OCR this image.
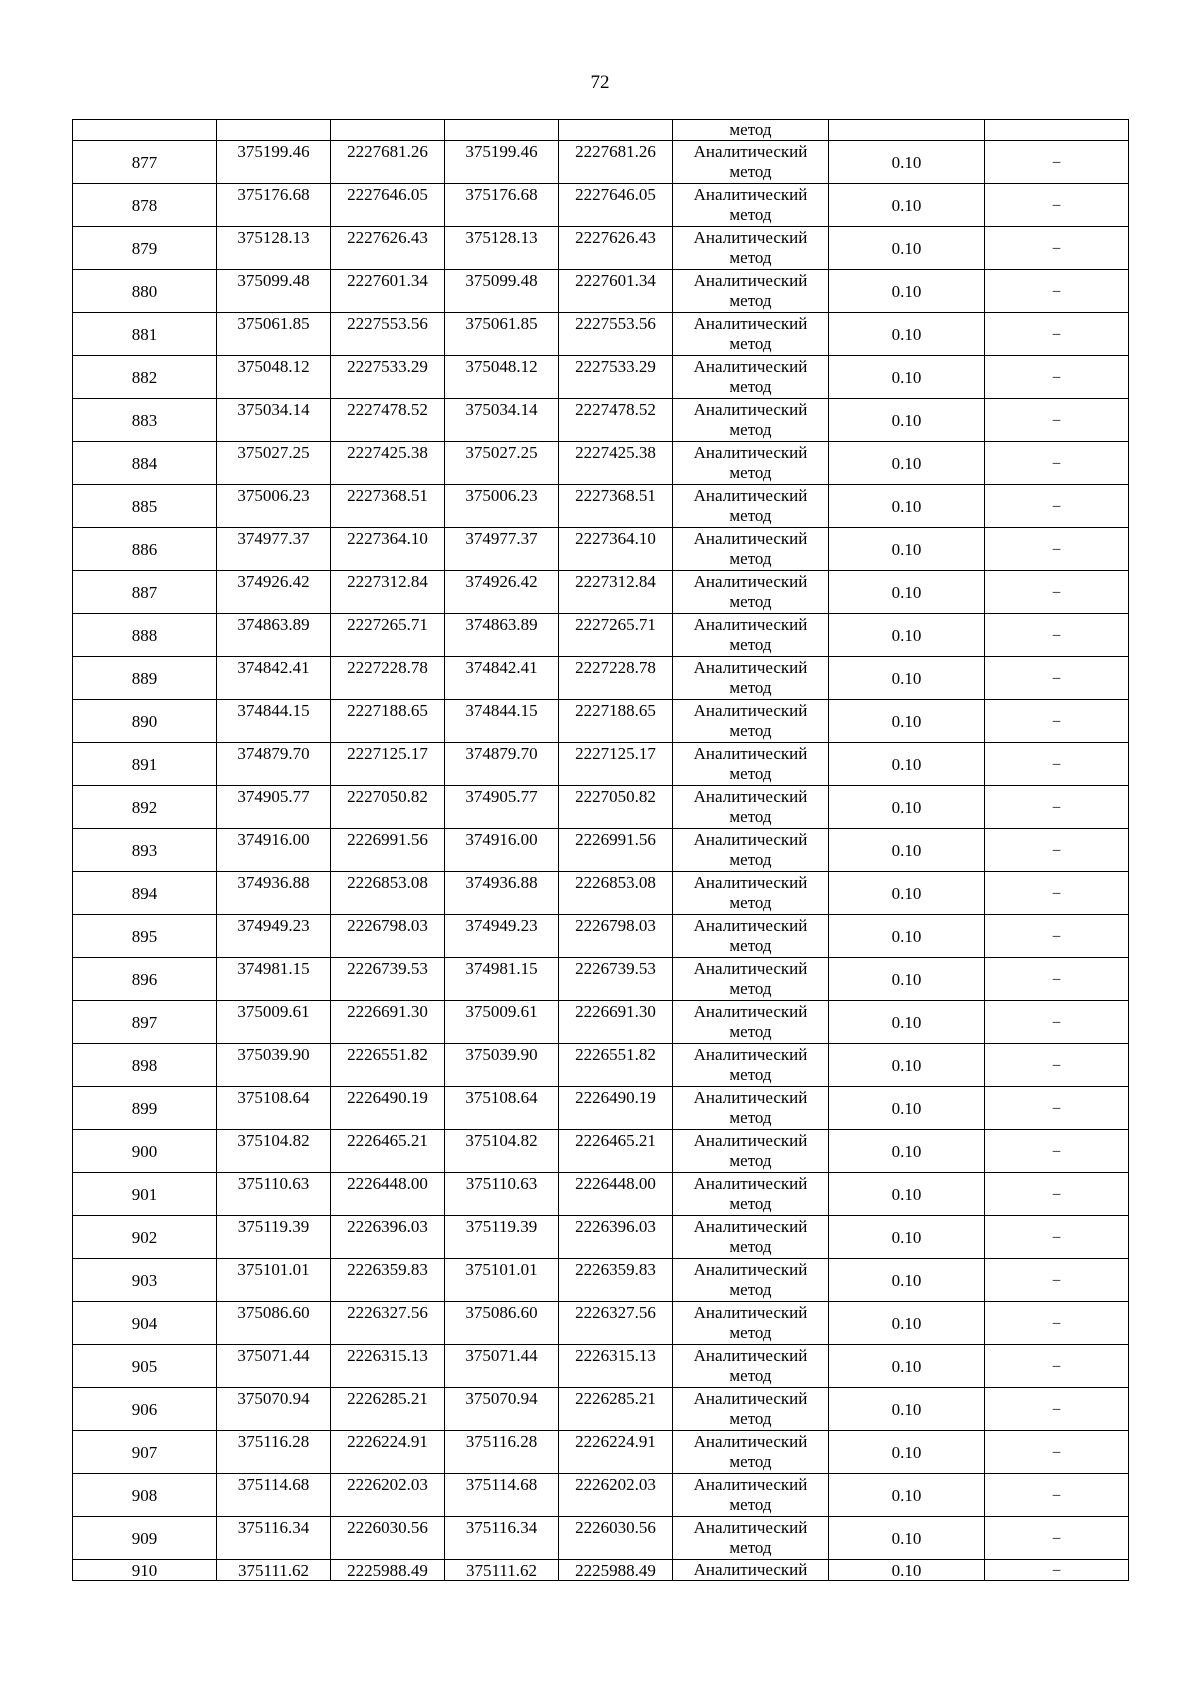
72
					метод		
877	375199.46	2227681.26	375199.46	2227681.26	Аналитический
метод	0.10	–
878	375176.68	2227646.05	375176.68	2227646.05	Аналитический
метод	0.10	–
879	375128.13	2227626.43	375128.13	2227626.43	Аналитический
метод	0.10	–
880	375099.48	2227601.34	375099.48	2227601.34	Аналитический
метод	0.10	–
881	375061.85	2227553.56	375061.85	2227553.56	Аналитический
метод	0.10	–
882	375048.12	2227533.29	375048.12	2227533.29	Аналитический
метод	0.10	–
883	375034.14	2227478.52	375034.14	2227478.52	Аналитический
метод	0.10	–
884	375027.25	2227425.38	375027.25	2227425.38	Аналитический
метод	0.10	–
885	375006.23	2227368.51	375006.23	2227368.51	Аналитический
метод	0.10	–
886	374977.37	2227364.10	374977.37	2227364.10	Аналитический
метод	0.10	–
887	374926.42	2227312.84	374926.42	2227312.84	Аналитический
метод	0.10	–
888	374863.89	2227265.71	374863.89	2227265.71	Аналитический
метод	0.10	–
889	374842.41	2227228.78	374842.41	2227228.78	Аналитический
метод	0.10	–
890	374844.15	2227188.65	374844.15	2227188.65	Аналитический
метод	0.10	–
891	374879.70	2227125.17	374879.70	2227125.17	Аналитический
метод	0.10	–
892	374905.77	2227050.82	374905.77	2227050.82	Аналитический
метод	0.10	–
893	374916.00	2226991.56	374916.00	2226991.56	Аналитический
метод	0.10	–
894	374936.88	2226853.08	374936.88	2226853.08	Аналитический
метод	0.10	–
895	374949.23	2226798.03	374949.23	2226798.03	Аналитический
метод	0.10	–
896	374981.15	2226739.53	374981.15	2226739.53	Аналитический
метод	0.10	–
897	375009.61	2226691.30	375009.61	2226691.30	Аналитический
метод	0.10	–
898	375039.90	2226551.82	375039.90	2226551.82	Аналитический
метод	0.10	–
899	375108.64	2226490.19	375108.64	2226490.19	Аналитический
метод	0.10	–
900	375104.82	2226465.21	375104.82	2226465.21	Аналитический
метод	0.10	–
901	375110.63	2226448.00	375110.63	2226448.00	Аналитический
метод	0.10	–
902	375119.39	2226396.03	375119.39	2226396.03	Аналитический
метод	0.10	–
903	375101.01	2226359.83	375101.01	2226359.83	Аналитический
метод	0.10	–
904	375086.60	2226327.56	375086.60	2226327.56	Аналитический
метод	0.10	–
905	375071.44	2226315.13	375071.44	2226315.13	Аналитический
метод	0.10	–
906	375070.94	2226285.21	375070.94	2226285.21	Аналитический
метод	0.10	–
907	375116.28	2226224.91	375116.28	2226224.91	Аналитический
метод	0.10	–
908	375114.68	2226202.03	375114.68	2226202.03	Аналитический
метод	0.10	–
909	375116.34	2226030.56	375116.34	2226030.56	Аналитический
метод	0.10	–
910	375111.62	2225988.49	375111.62	2225988.49	Аналитический	0.10	–
